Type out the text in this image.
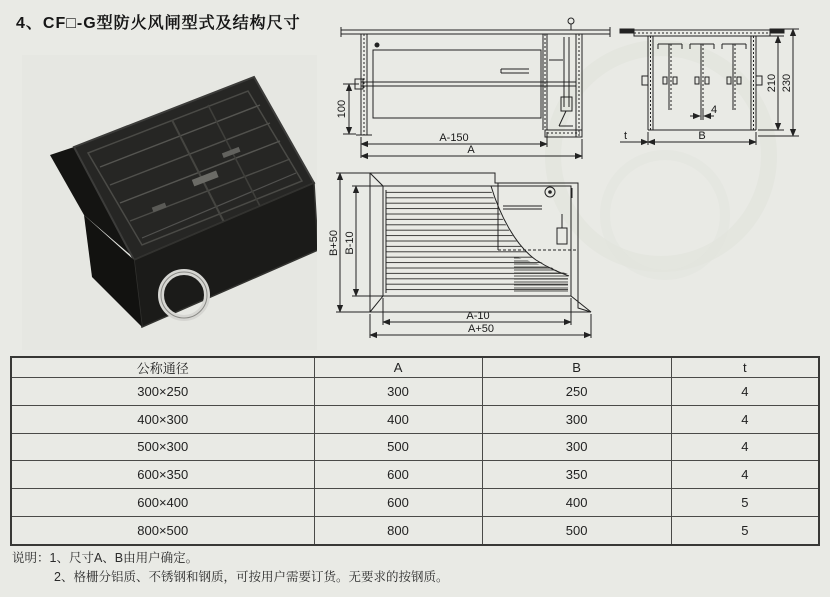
4、CF□-G型防火风闸型式及结构尺寸
100
A-150
A
4
B
t
210 230
B+50 B-10
A-10
A+50
公称通径	A	B	t
300×250	300	250	4
400×300	400	300	4
500×300	500	300	4
600×350	600	350	4
600×400	600	400	5
800×500	800	500	5
说明：1、尺寸A、B由用户确定。
2、格栅分铝质、不锈钢和钢质，可按用户需要订货。无要求的按钢质。
